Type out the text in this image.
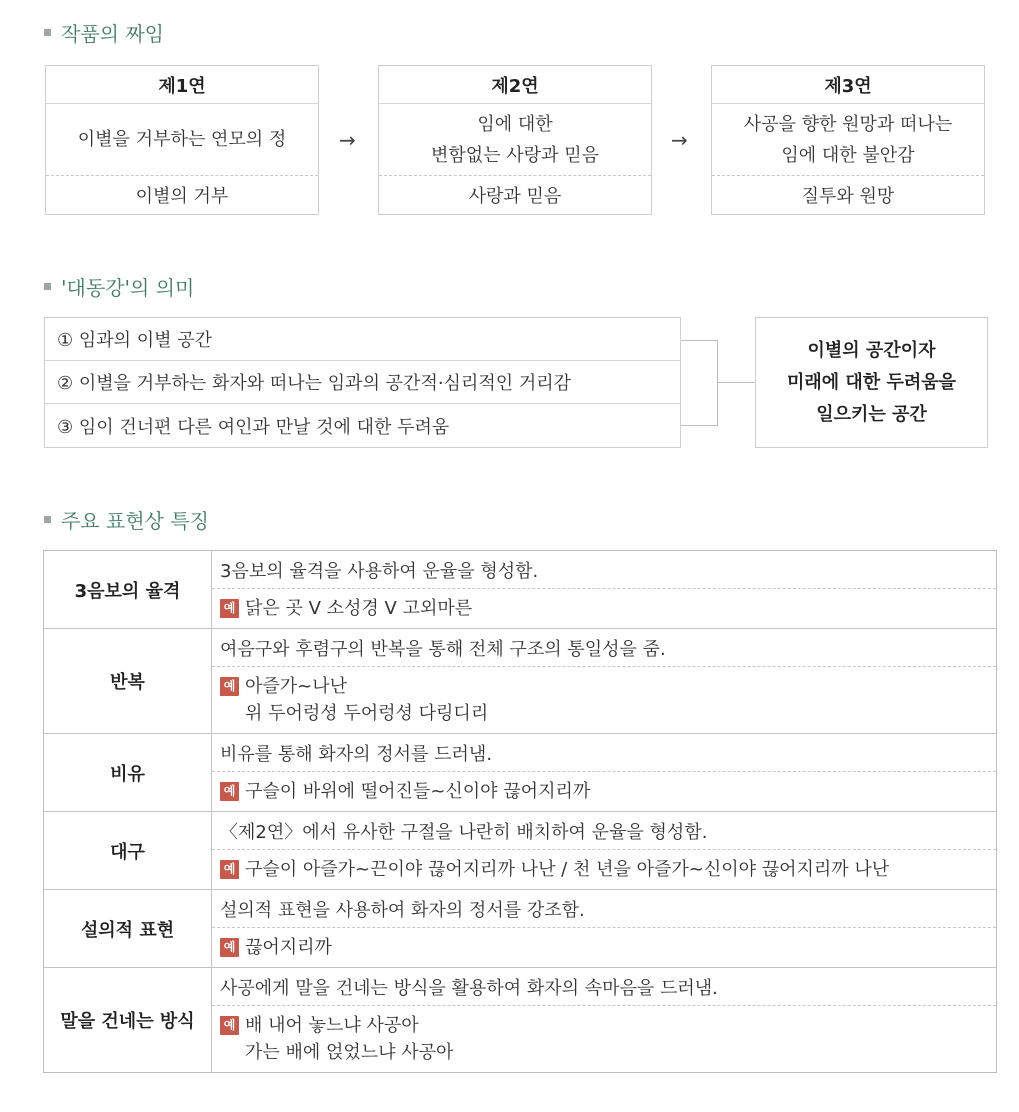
작품의 짜임
제1연
이별을 거부하는 연모의 정
이별의 거부
→
제2연
임에 대한
변함없는 사랑과 믿음
사랑과 믿음
→
제3연
사공을 향한 원망과 떠나는
임에 대한 불안감
질투와 원망
'대동강'의 의미
① 임과의 이별 공간
② 이별을 거부하는 화자와 떠나는 임과의 공간적·심리적인 거리감
③ 임이 건너편 다른 여인과 만날 것에 대한 두려움
이별의 공간이자
미래에 대한 두려움을
일으키는 공간
주요 표현상 특징
3음보의 율격
3음보의 율격을 사용하여 운율을 형성함.
예 닭은 곳 V 소성경 V 고외마른
반복
여음구와 후렴구의 반복을 통해 전체 구조의 통일성을 줌.
예 아즐가~나난
위 두어렁셩 두어렁셩 다링디리
비유
비유를 통해 화자의 정서를 드러냄.
예 구슬이 바위에 떨어진들~신이야 끊어지리까
대구
〈제2연〉에서 유사한 구절을 나란히 배치하여 운율을 형성함.
예 구슬이 아즐가~끈이야 끊어지리까 나난 / 천 년을 아즐가~신이야 끊어지리까 나난
설의적 표현
설의적 표현을 사용하여 화자의 정서를 강조함.
예 끊어지리까
말을 건네는 방식
사공에게 말을 건네는 방식을 활용하여 화자의 속마음을 드러냄.
예 배 내어 놓느냐 사공아
가는 배에 얹었느냐 사공아
